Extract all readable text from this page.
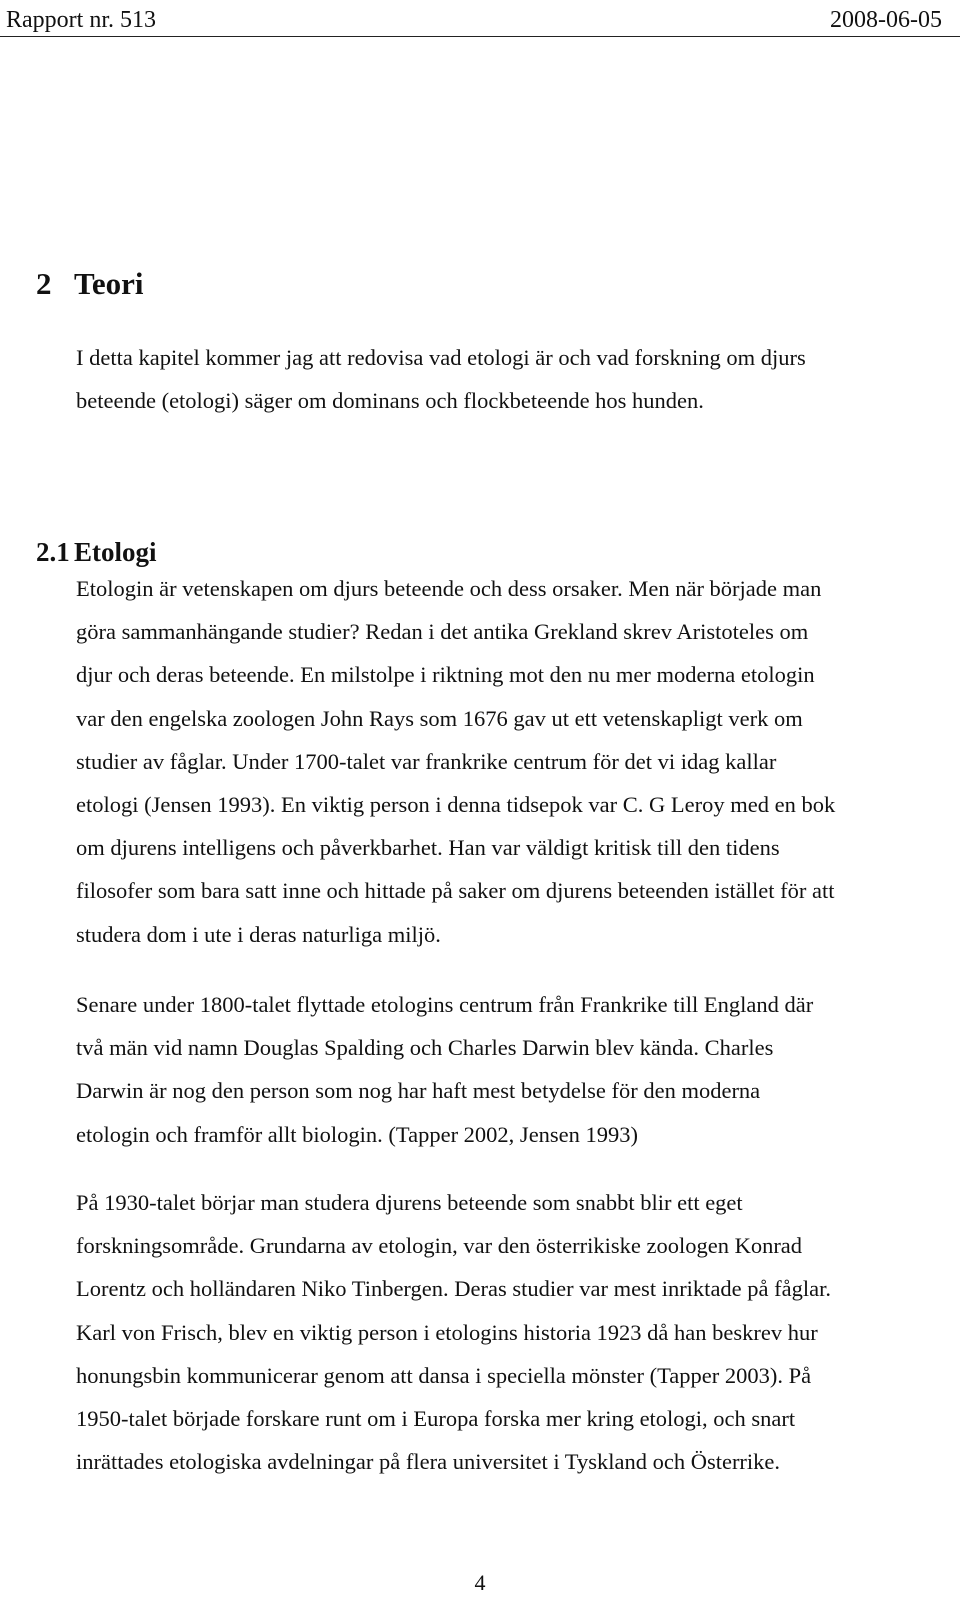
Rapport nr. 513	2008-06-05
2 Teori

I detta kapitel kommer jag att redovisa vad etologi är och vad forskning om djurs
beteende (etologi) säger om dominans och flockbeteende hos hunden.

2.1 Etologi

Etologin är vetenskapen om djurs beteende och dess orsaker. Men när började man
göra sammanhängande studier? Redan i det antika Grekland skrev Aristoteles om
djur och deras beteende. En milstolpe i riktning mot den nu mer moderna etologin
var den engelska zoologen John Rays som 1676 gav ut ett vetenskapligt verk om
studier av fåglar. Under 1700-talet var frankrike centrum för det vi idag kallar
etologi (Jensen 1993). En viktig person i denna tidsepok var C. G Leroy med en bok
om djurens intelligens och påverkbarhet. Han var väldigt kritisk till den tidens
filosofer som bara satt inne och hittade på saker om djurens beteenden istället för att
studera dom i ute i deras naturliga miljö.

Senare under 1800-talet flyttade etologins centrum från Frankrike till England där
två män vid namn Douglas Spalding och Charles Darwin blev kända. Charles
Darwin är nog den person som nog har haft mest betydelse för den moderna
etologin och framför allt biologin. (Tapper 2002, Jensen 1993)

På 1930-talet börjar man studera djurens beteende som snabbt blir ett eget
forskningsområde. Grundarna av etologin, var den österrikiske zoologen Konrad
Lorentz och holländaren Niko Tinbergen. Deras studier var mest inriktade på fåglar.
Karl von Frisch, blev en viktig person i etologins historia 1923 då han beskrev hur
honungsbin kommunicerar genom att dansa i speciella mönster (Tapper 2003). På
1950-talet började forskare runt om i Europa forska mer kring etologi, och snart
inrättades etologiska avdelningar på flera universitet i Tyskland och Österrike.

4
